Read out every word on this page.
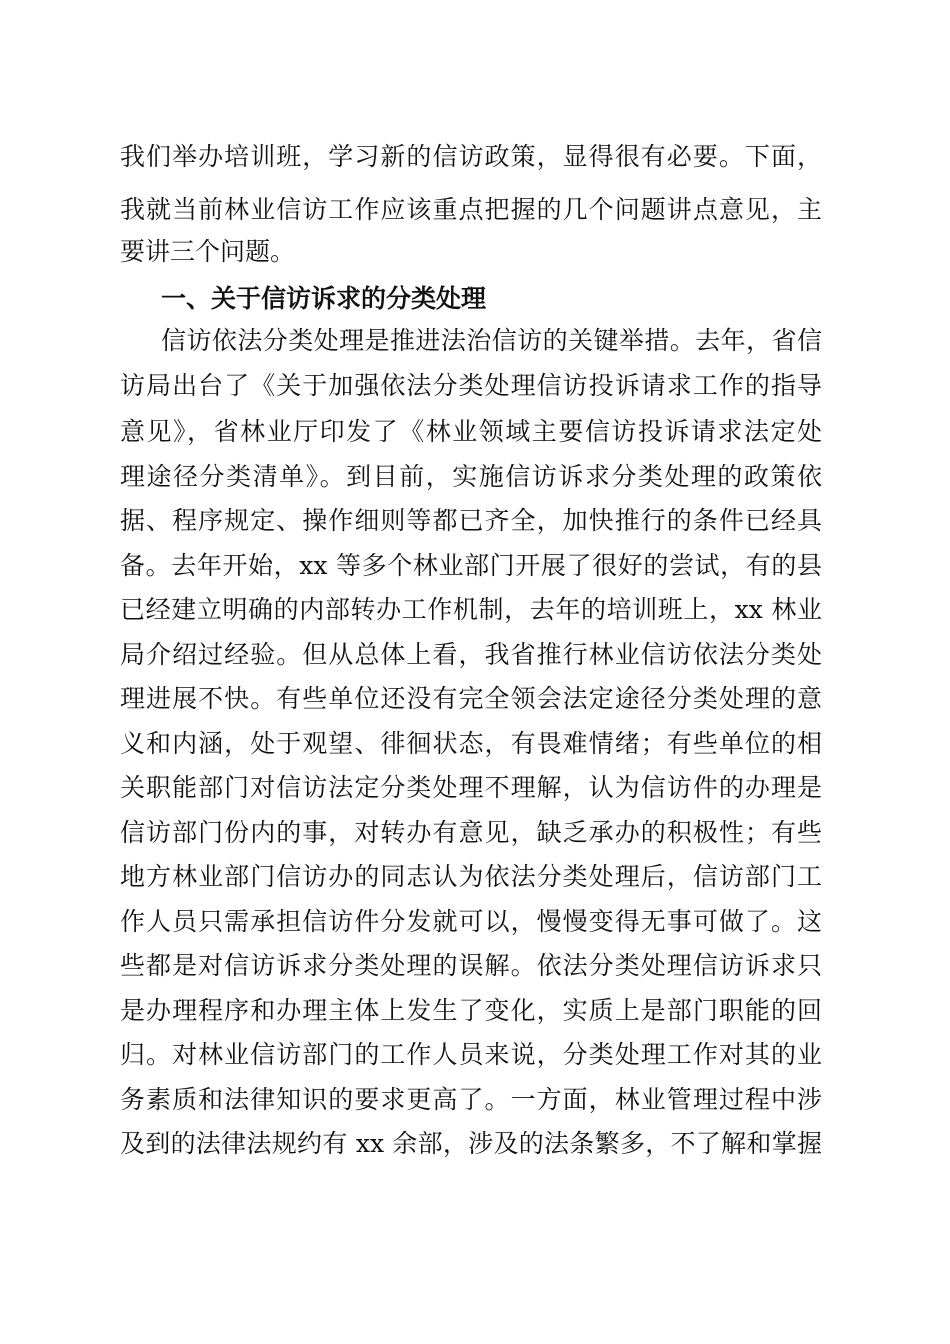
我们举办培训班，学习新的信访政策，显得很有必要。下面，
我就当前林业信访工作应该重点把握的几个问题讲点意见，主
要讲三个问题。
一、关于信访诉求的分类处理
信访依法分类处理是推进法治信访的关键举措。去年，省信
访局出台了《关于加强依法分类处理信访投诉请求工作的指导
意见》，省林业厅印发了《林业领域主要信访投诉请求法定处
理途径分类清单》。到目前，实施信访诉求分类处理的政策依
据、程序规定、操作细则等都已齐全，加快推行的条件已经具
备。去年开始，xx 等多个林业部门开展了很好的尝试，有的县
已经建立明确的内部转办工作机制，去年的培训班上，xx 林业
局介绍过经验。但从总体上看，我省推行林业信访依法分类处
理进展不快。有些单位还没有完全领会法定途径分类处理的意
义和内涵，处于观望、徘徊状态，有畏难情绪；有些单位的相
关职能部门对信访法定分类处理不理解，认为信访件的办理是
信访部门份内的事，对转办有意见，缺乏承办的积极性；有些
地方林业部门信访办的同志认为依法分类处理后，信访部门工
作人员只需承担信访件分发就可以，慢慢变得无事可做了。这
些都是对信访诉求分类处理的误解。依法分类处理信访诉求只
是办理程序和办理主体上发生了变化，实质上是部门职能的回
归。对林业信访部门的工作人员来说，分类处理工作对其的业
务素质和法律知识的要求更高了。一方面，林业管理过程中涉
及到的法律法规约有 xx 余部，涉及的法条繁多，不了解和掌握
